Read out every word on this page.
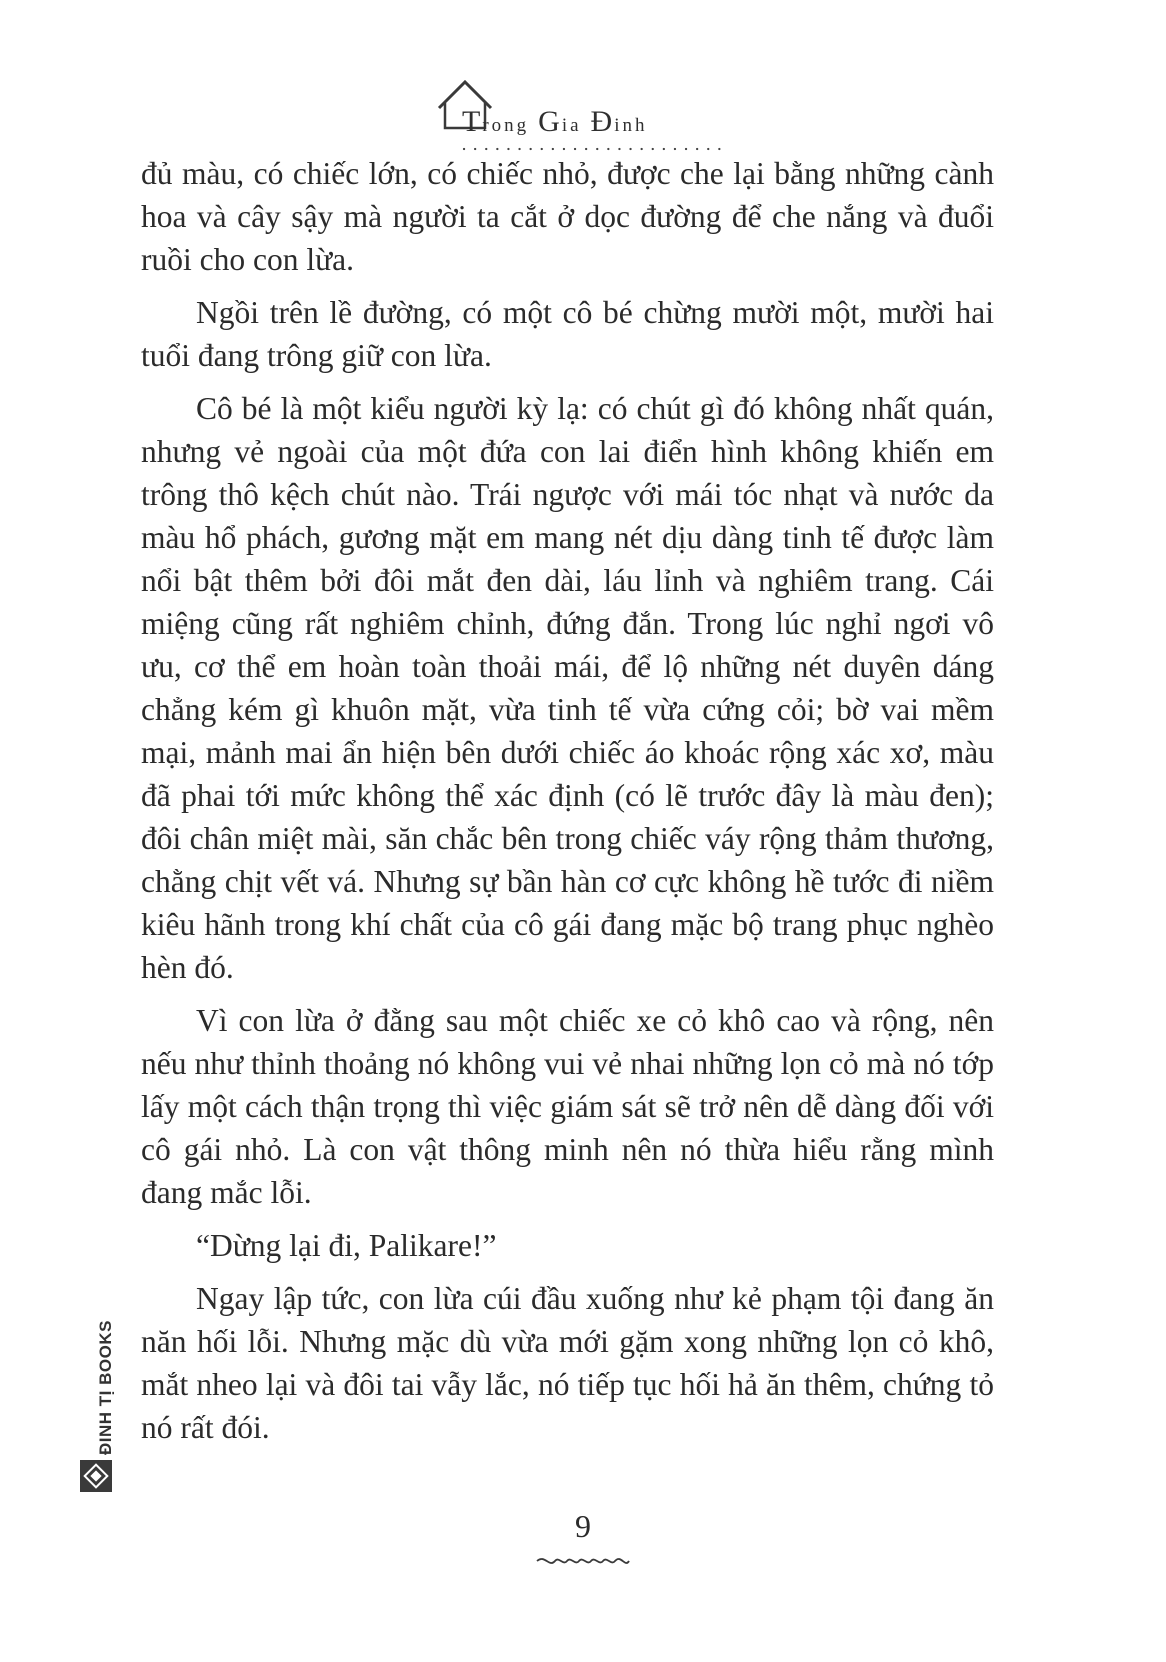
Trong Gia Đinh

đủ màu, có chiếc lớn, có chiếc nhỏ, được che lại bằng những cành hoa và cây sậy mà người ta cắt ở dọc đường để che nắng và đuổi ruồi cho con lừa.

Ngồi trên lề đường, có một cô bé chừng mười một, mười hai tuổi đang trông giữ con lừa.

Cô bé là một kiểu người kỳ lạ: có chút gì đó không nhất quán, nhưng vẻ ngoài của một đứa con lai điển hình không khiến em trông thô kệch chút nào. Trái ngược với mái tóc nhạt và nước da màu hổ phách, gương mặt em mang nét dịu dàng tinh tế được làm nổi bật thêm bởi đôi mắt đen dài, láu lỉnh và nghiêm trang. Cái miệng cũng rất nghiêm chỉnh, đứng đắn. Trong lúc nghỉ ngơi vô ưu, cơ thể em hoàn toàn thoải mái, để lộ những nét duyên dáng chẳng kém gì khuôn mặt, vừa tinh tế vừa cứng cỏi; bờ vai mềm mại, mảnh mai ẩn hiện bên dưới chiếc áo khoác rộng xác xơ, màu đã phai tới mức không thể xác định (có lẽ trước đây là màu đen); đôi chân miệt mài, săn chắc bên trong chiếc váy rộng thảm thương, chằng chịt vết vá. Nhưng sự bần hàn cơ cực không hề tước đi niềm kiêu hãnh trong khí chất của cô gái đang mặc bộ trang phục nghèo hèn đó.

Vì con lừa ở đằng sau một chiếc xe cỏ khô cao và rộng, nên nếu như thỉnh thoảng nó không vui vẻ nhai những lọn cỏ mà nó tớp lấy một cách thận trọng thì việc giám sát sẽ trở nên dễ dàng đối với cô gái nhỏ. Là con vật thông minh nên nó thừa hiểu rằng mình đang mắc lỗi.

“Dừng lại đi, Palikare!”

Ngay lập tức, con lừa cúi đầu xuống như kẻ phạm tội đang ăn năn hối lỗi. Nhưng mặc dù vừa mới gặm xong những lọn cỏ khô, mắt nheo lại và đôi tai vẫy lắc, nó tiếp tục hối hả ăn thêm, chứng tỏ nó rất đói.

9
ĐINH TỊ BOOKS
